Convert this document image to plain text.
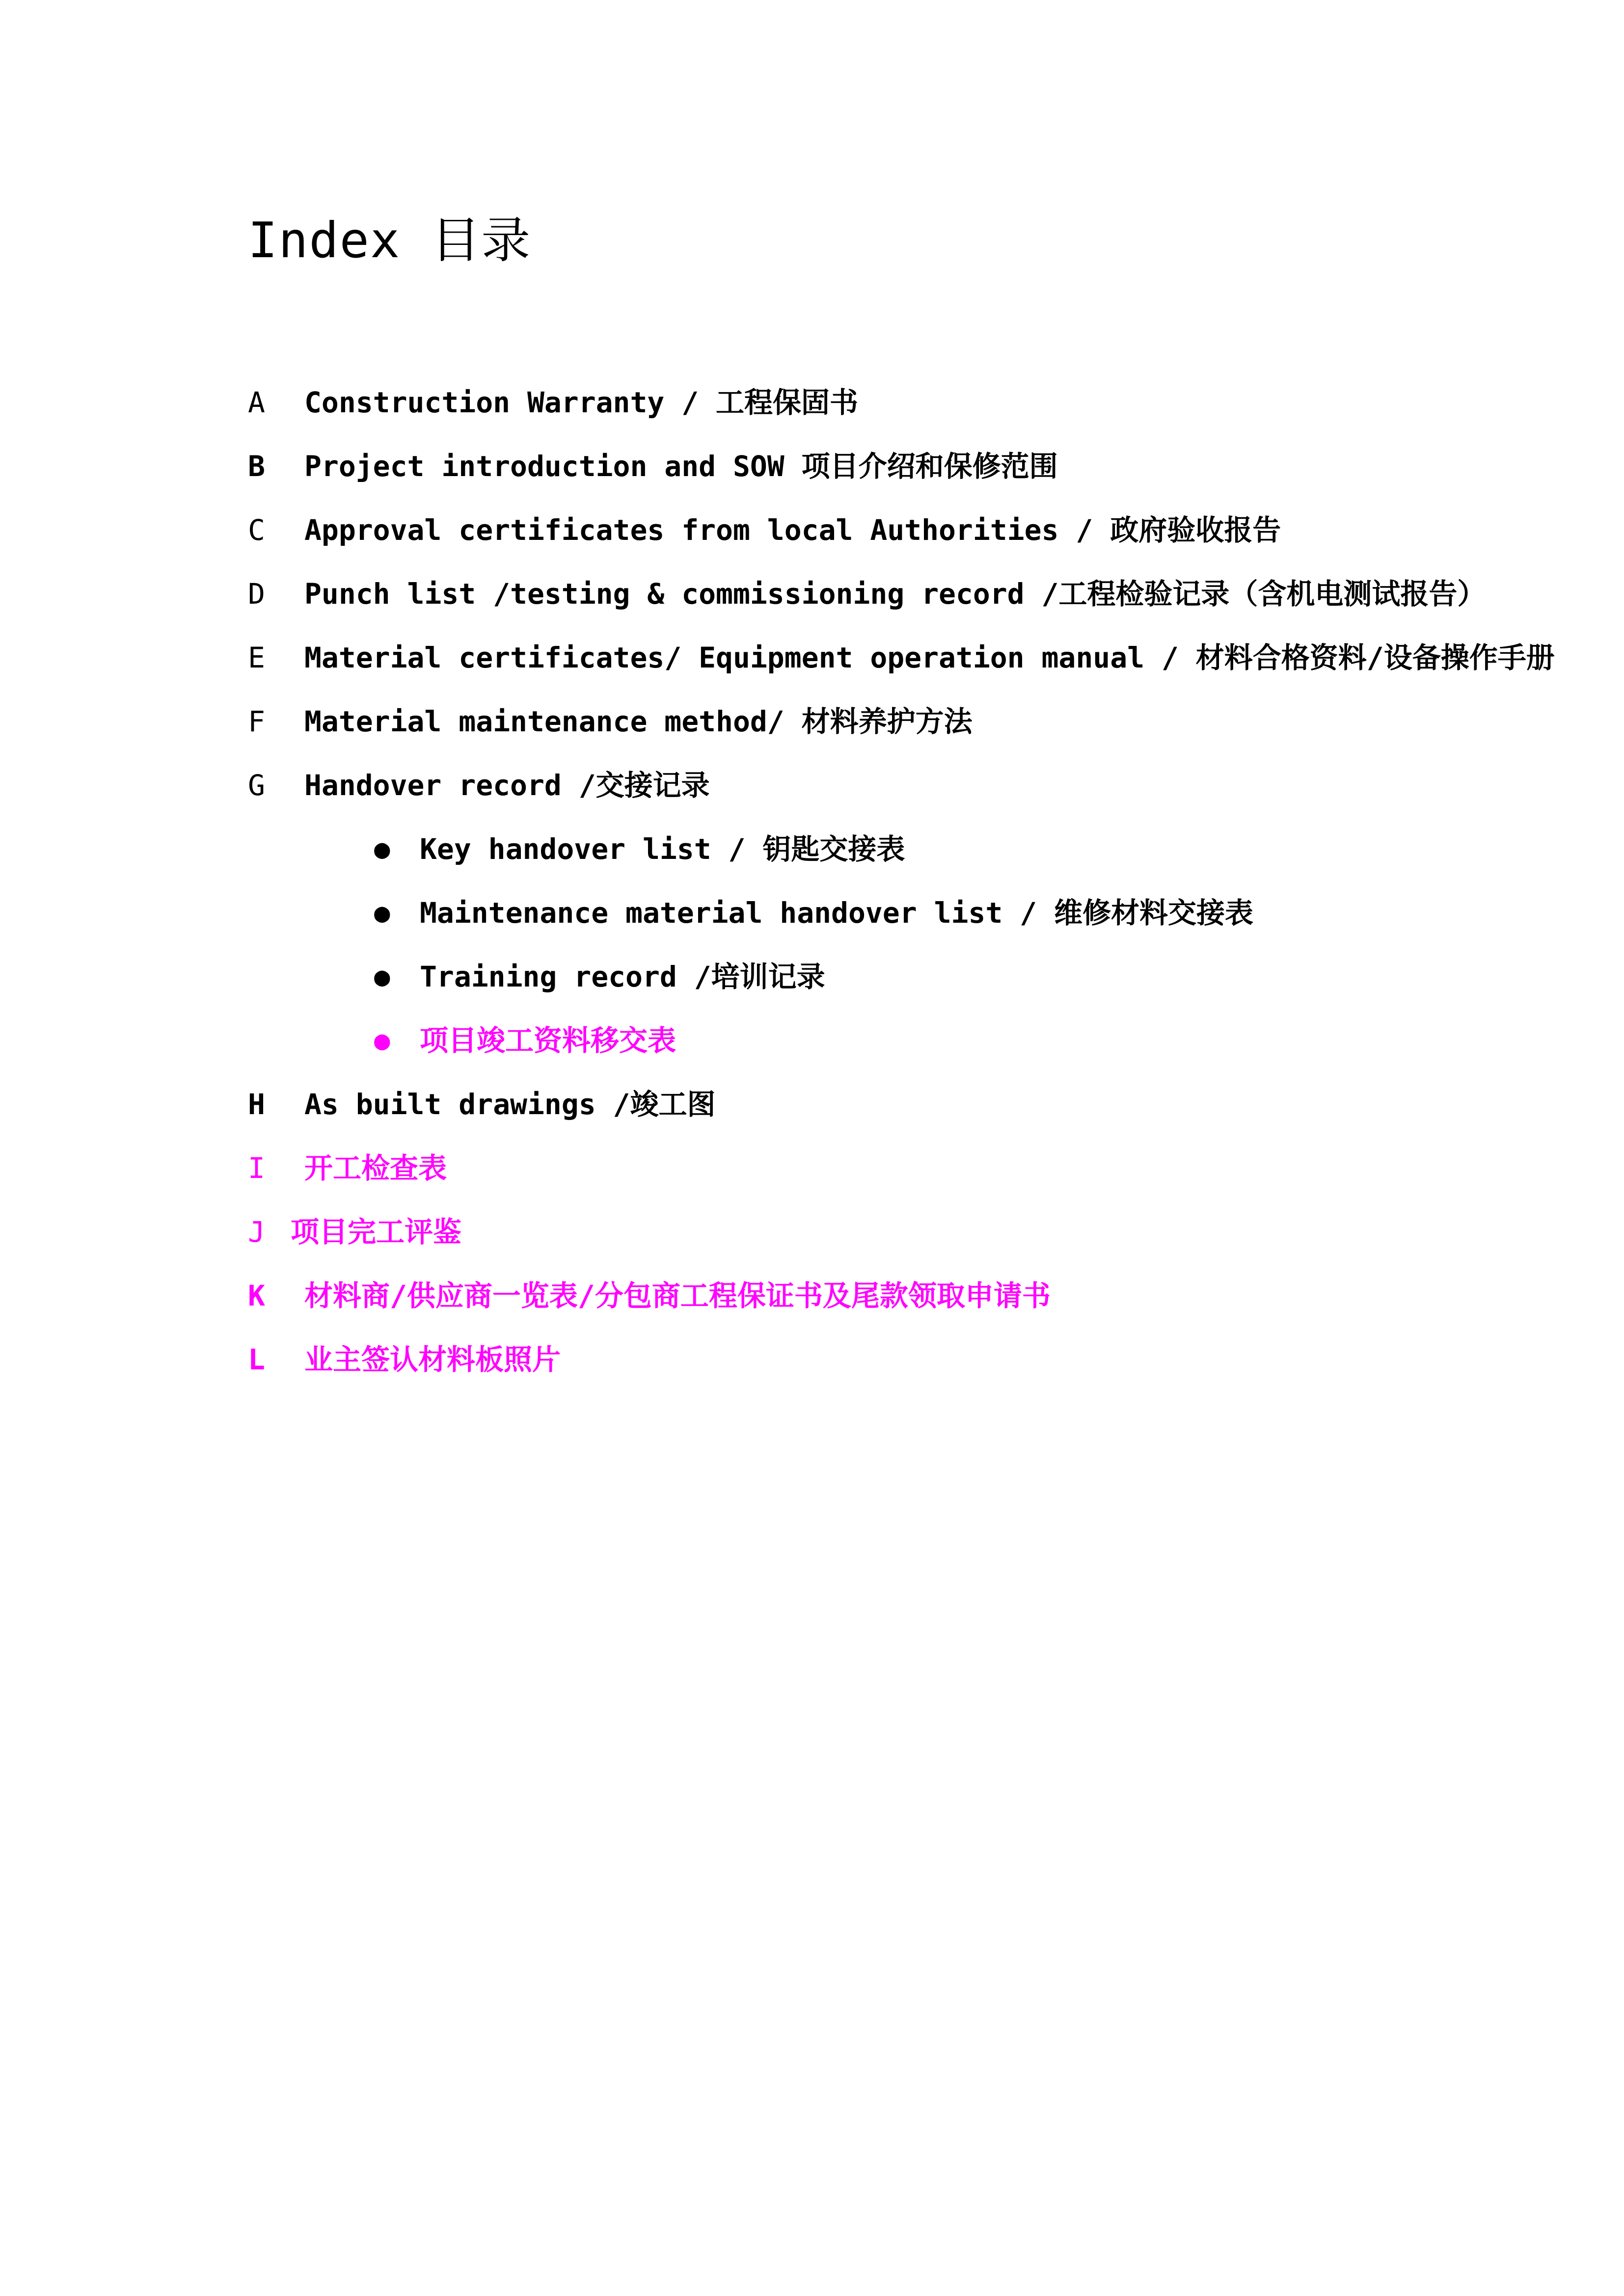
Index 目录
A Construction Warranty / 工程保固书
B Project introduction and SOW 项目介绍和保修范围
C Approval certificates from local Authorities / 政府验收报告
D Punch list /testing & commissioning record /工程检验记录（含机电测试报告）
E Material certificates/ Equipment operation manual / 材料合格资料/设备操作手册
F Material maintenance method/ 材料养护方法
G Handover record /交接记录
● Key handover list / 钥匙交接表
● Maintenance material handover list / 维修材料交接表
● Training record /培训记录
● 项目竣工资料移交表
H As built drawings /竣工图
I 开工检查表
J 项目完工评鉴
K 材料商/供应商一览表/分包商工程保证书及尾款领取申请书
L 业主签认材料板照片
